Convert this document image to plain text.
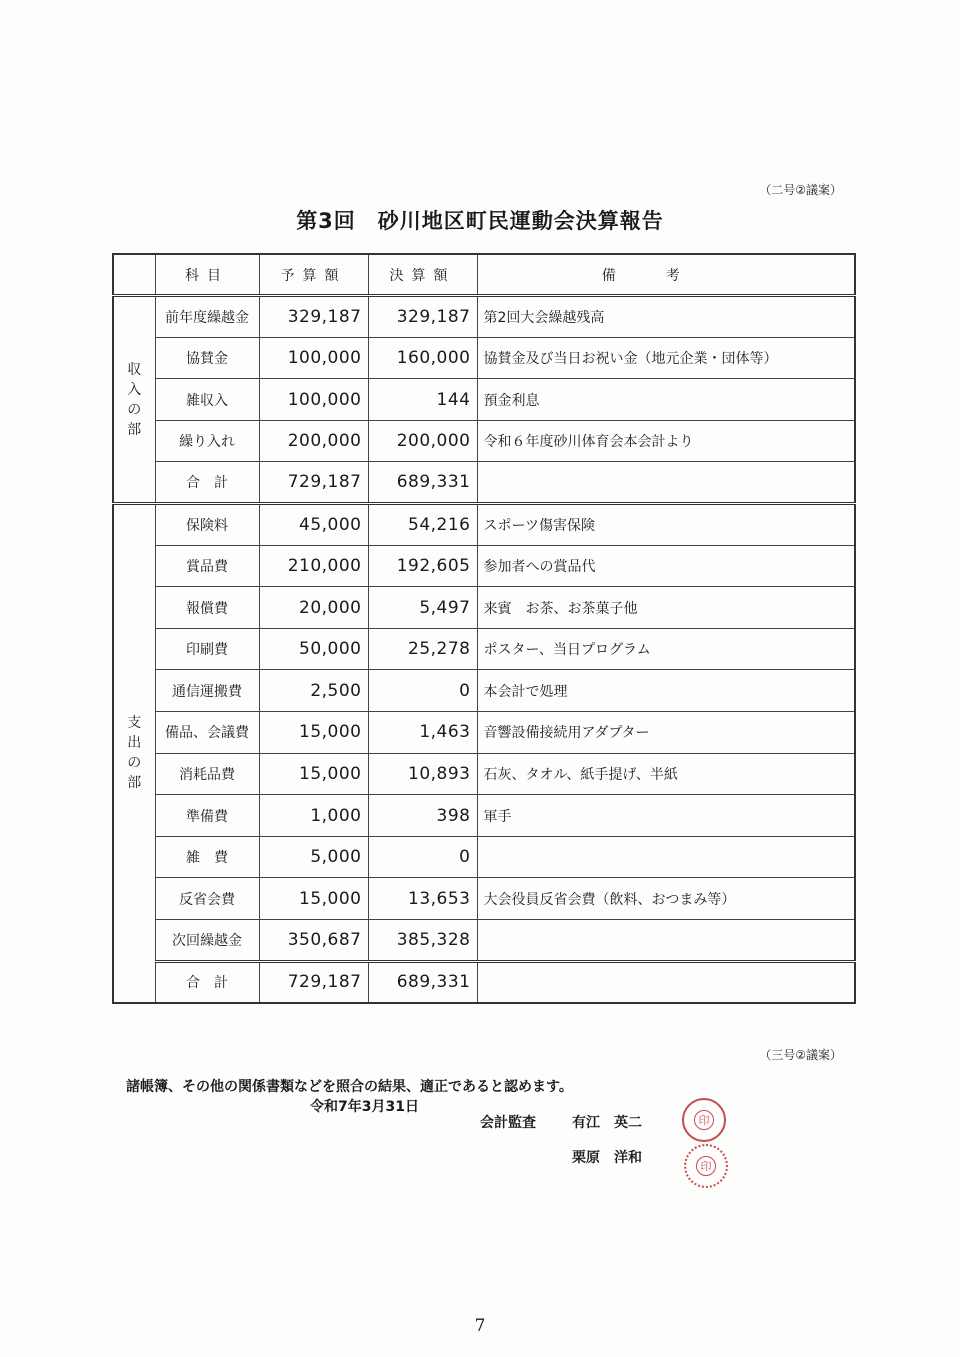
（二号②議案）
第3回　砂川地区町民運動会決算報告
	科目	予算額	決算額	備考
収入の部	前年度繰越金	329,187	329,187	第2回大会繰越残高
	協賛金	100,000	160,000	協賛金及び当日お祝い金（地元企業・団体等）
	雑収入	100,000	144	預金利息
	繰り入れ	200,000	200,000	令和６年度砂川体育会本会計より
	合　計	729,187	689,331	
支出の部	保険料	45,000	54,216	スポーツ傷害保険
	賞品費	210,000	192,605	参加者への賞品代
	報償費	20,000	5,497	来賓　お茶、お茶菓子他
	印刷費	50,000	25,278	ポスター、当日プログラム
	通信運搬費	2,500	0	本会計で処理
	備品、会議費	15,000	1,463	音響設備接続用アダプター
	消耗品費	15,000	10,893	石灰、タオル、紙手提げ、半紙
	準備費	1,000	398	軍手
	雑　費	5,000	0	
	反省会費	15,000	13,653	大会役員反省会費（飲料、おつまみ等）
	次回繰越金	350,687	385,328	
	合　計	729,187	689,331	
（三号②議案）
諸帳簿、その他の関係書類などを照合の結果、適正であると認めます。
令和7年3月31日
会計監査	有江　英二
栗原　洋和
印
印
7
